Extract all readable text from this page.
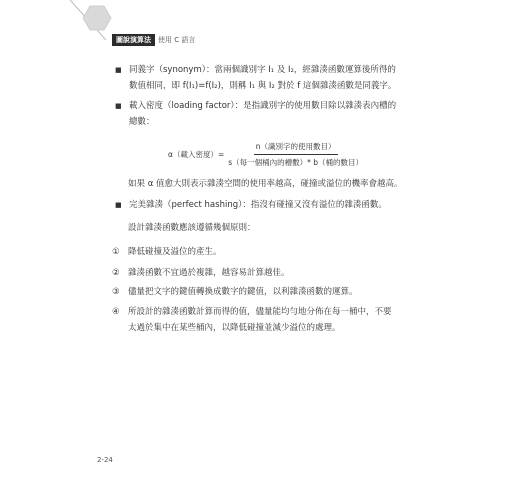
圖說演算法	使用 C 語言
■ 同義字（synonym）：當兩個識別字 I₁ 及 I₂，經雜湊函數運算後所得的
數值相同，即 f(I₁)=f(I₂)，則稱 I₁ 與 I₂ 對於 f 這個雜湊函數是同義字。
■ 載入密度（loading factor）：是指識別字的使用數目除以雜湊表內槽的
總數：
α（載入密度）= $\frac{\text{n（識別字的使用數目）}}{\text{s（每一個桶內的槽數）* b（桶的數目）}}$
如果 α 值愈大則表示雜湊空間的使用率越高，碰撞或溢位的機率會越高。
■ 完美雜湊（perfect hashing）：指沒有碰撞又沒有溢位的雜湊函數。
設計雜湊函數應該遵循幾個原則：
① 降低碰撞及溢位的產生。
② 雜湊函數不宜過於複雜，越容易計算越佳。
③ 儘量把文字的鍵值轉換成數字的鍵值，以利雜湊函數的運算。
④ 所設計的雜湊函數計算而得的值，儘量能均勻地分佈在每一桶中，不要
太過於集中在某些桶內，以降低碰撞並減少溢位的處理。
2-24
